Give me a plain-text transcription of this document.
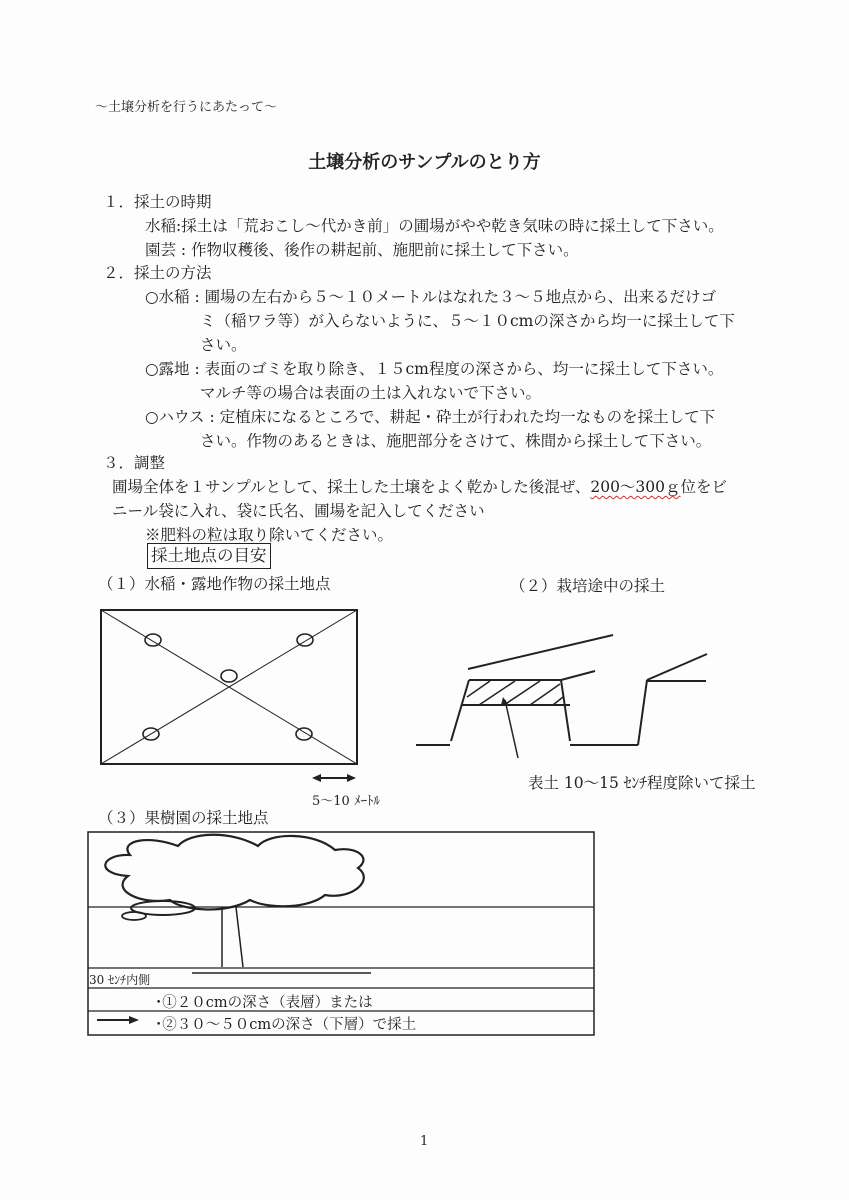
～土壌分析を行うにあたって～
土壌分析のサンプルのとり方
１．採土の時期
水稲:採土は「荒おこし～代かき前」の圃場がやや乾き気味の時に採土して下さい。
園芸 : 作物収穫後、後作の耕起前、施肥前に採土して下さい。
２．採土の方法
○水稲 : 圃場の左右から５～１０メートルはなれた３～５地点から、出来るだけゴ
ミ（稲ワラ等）が入らないように、５～１０cmの深さから均一に採土して下
さい。
○露地 : 表面のゴミを取り除き、１５cm程度の深さから、均一に採土して下さい。
マルチ等の場合は表面の土は入れないで下さい。
○ハウス : 定植床になるところで、耕起・砕土が行われた均一なものを採土して下
さい。作物のあるときは、施肥部分をさけて、株間から採土して下さい。
３．調整
圃場全体を１サンプルとして、採土した土壌をよく乾かした後混ぜ、200～300ｇ位をビ
ニール袋に入れ、袋に氏名、圃場を記入してください
※肥料の粒は取り除いてください。
採土地点の目安
（１）水稲・露地作物の採土地点	（２）栽培途中の採土
5～10 ﾒｰﾄﾙ
表土 10～15 ｾﾝﾁ程度除いて採土
（３）果樹園の採土地点
30 ｾﾝﾁ内側
･①２０cmの深さ（表層）または
･②３０～５０cmの深さ（下層）で採土
1
